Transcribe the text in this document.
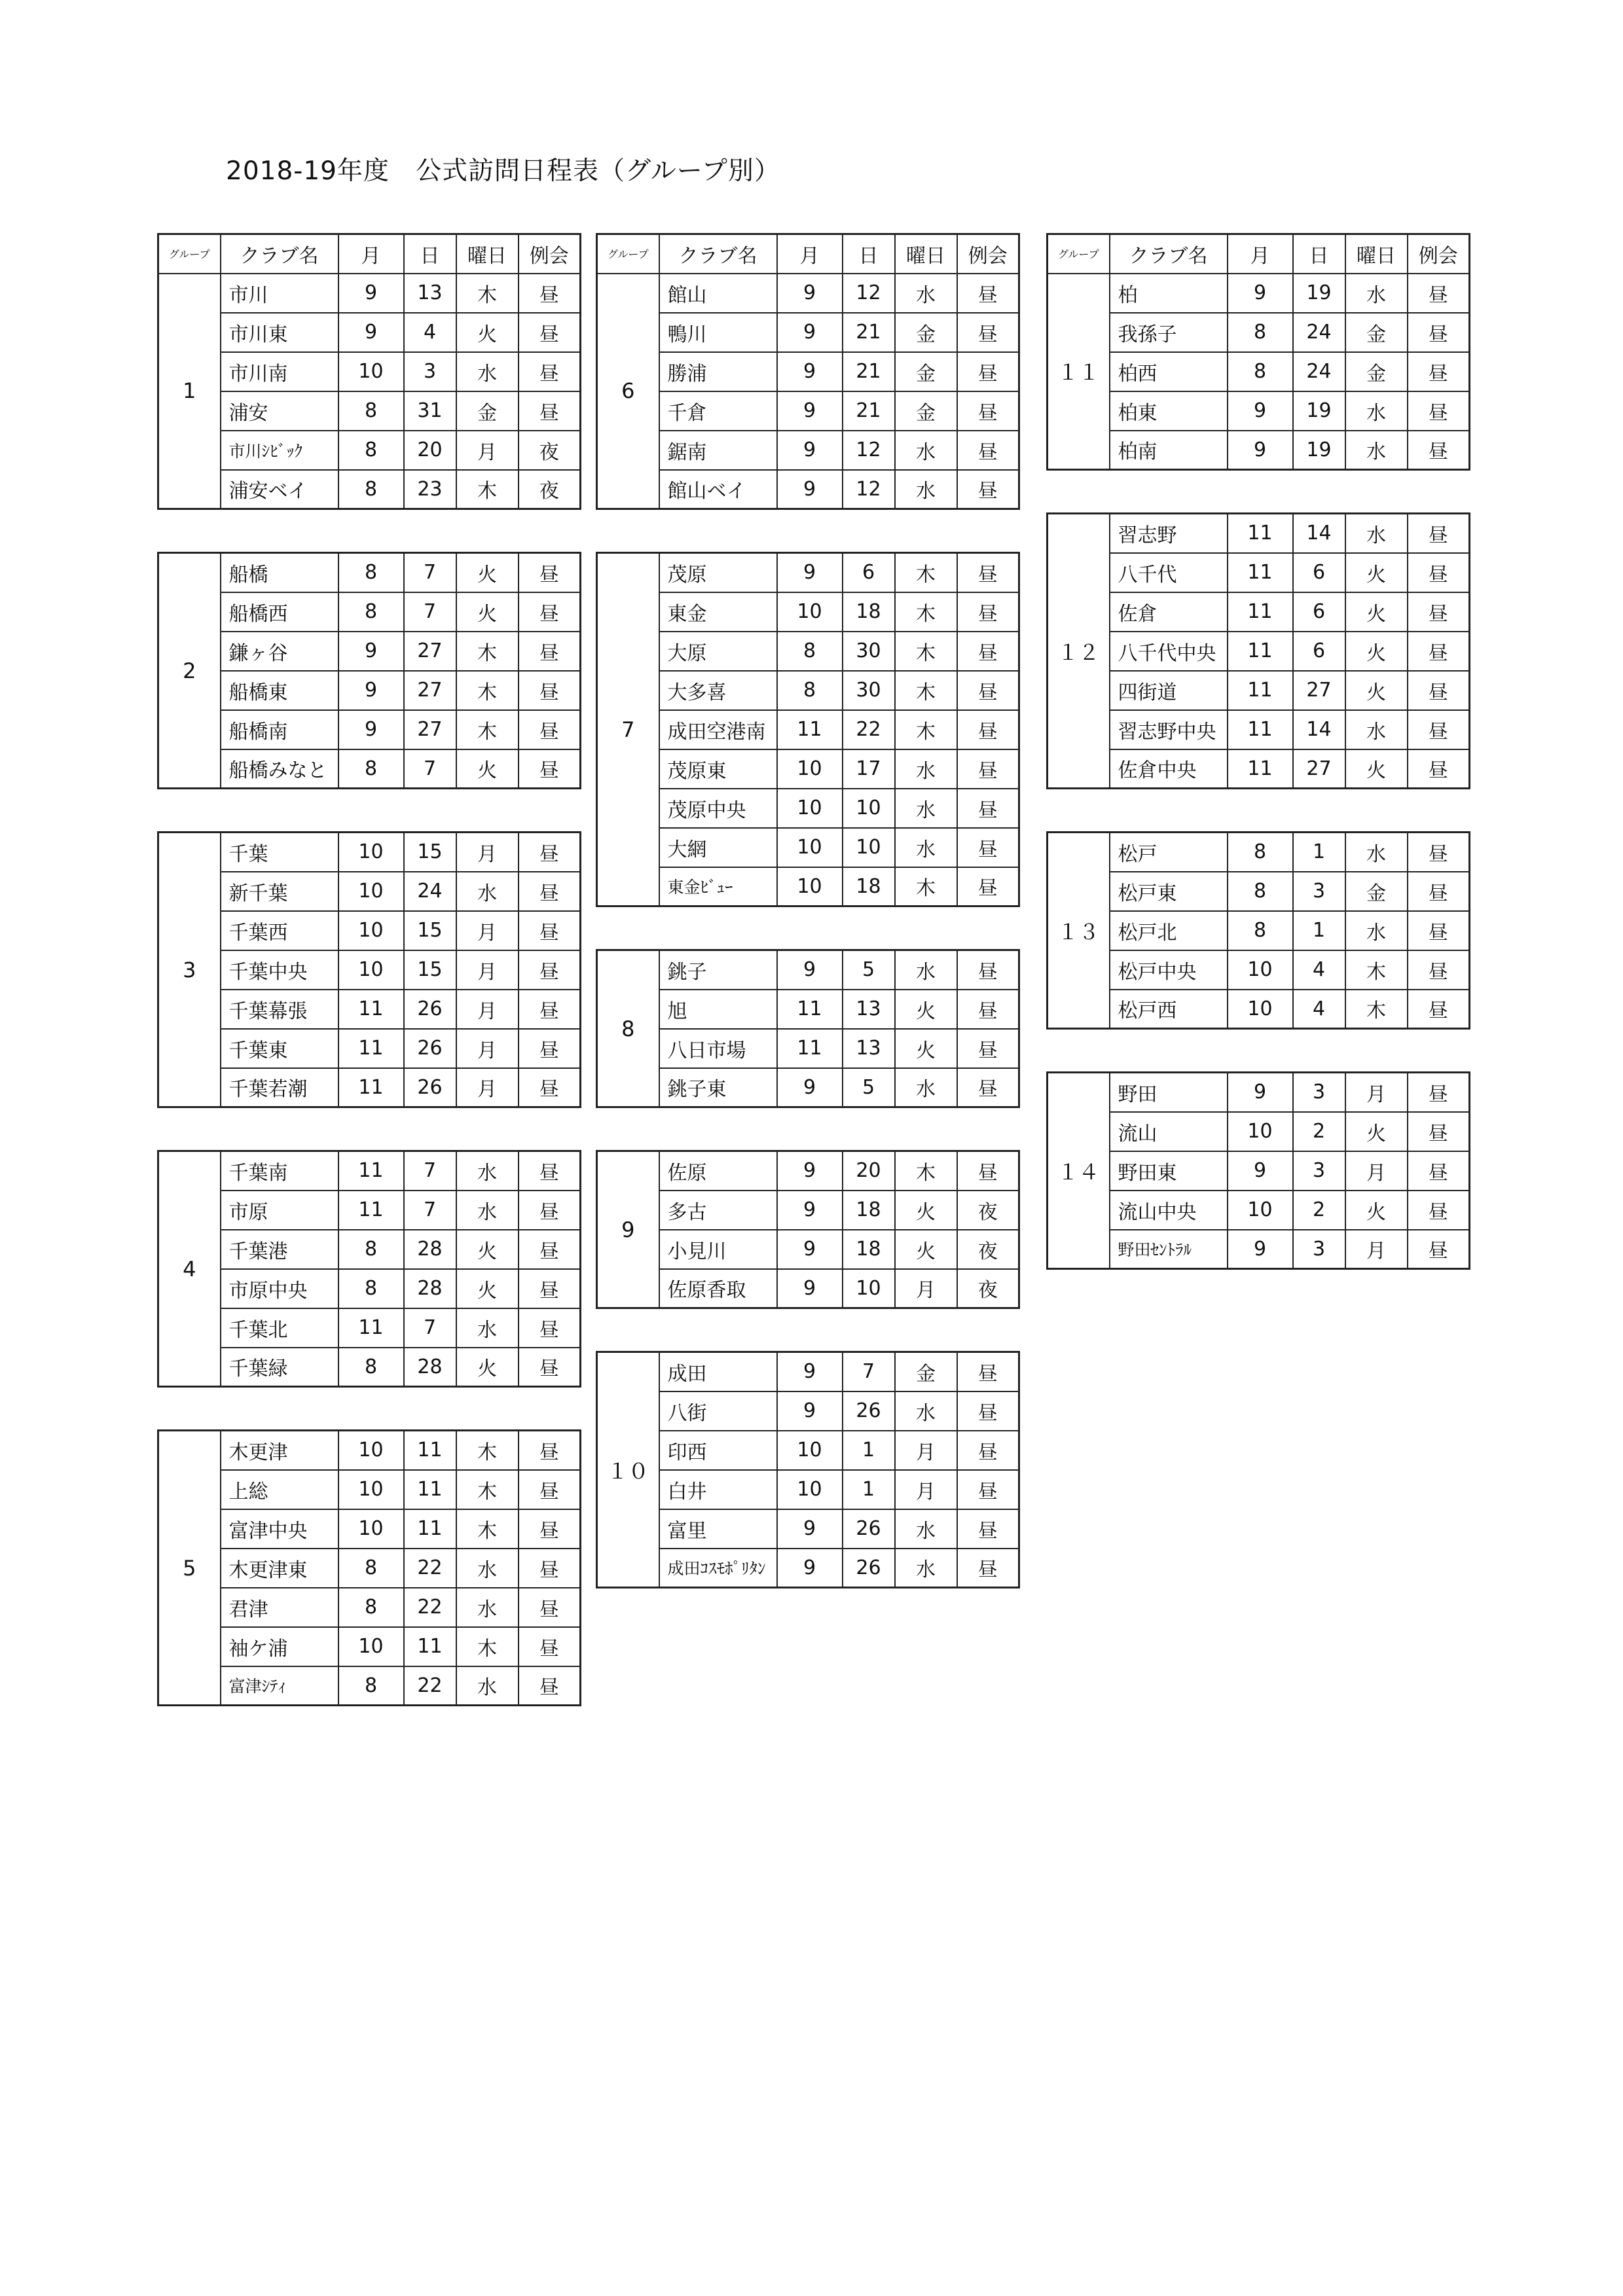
2018-19年度　公式訪問日程表（グループ別）
グループ	クラブ名	月	日	曜日	例会
1	市川	9	13	木	昼
	市川東	9	4	火	昼
	市川南	10	3	水	昼
	浦安	8	31	金	昼
	市川ｼﾋﾞｯｸ	8	20	月	夜
	浦安ベイ	8	23	木	夜
2	船橋	8	7	火	昼
	船橋西	8	7	火	昼
	鎌ヶ谷	9	27	木	昼
	船橋東	9	27	木	昼
	船橋南	9	27	木	昼
	船橋みなと	8	7	火	昼
3	千葉	10	15	月	昼
	新千葉	10	24	水	昼
	千葉西	10	15	月	昼
	千葉中央	10	15	月	昼
	千葉幕張	11	26	月	昼
	千葉東	11	26	月	昼
	千葉若潮	11	26	月	昼
4	千葉南	11	7	水	昼
	市原	11	7	水	昼
	千葉港	8	28	火	昼
	市原中央	8	28	火	昼
	千葉北	11	7	水	昼
	千葉緑	8	28	火	昼
5	木更津	10	11	木	昼
	上総	10	11	木	昼
	富津中央	10	11	木	昼
	木更津東	8	22	水	昼
	君津	8	22	水	昼
	袖ケ浦	10	11	木	昼
	富津ｼﾃｨ	8	22	水	昼
グループ	クラブ名	月	日	曜日	例会
6	館山	9	12	水	昼
	鴨川	9	21	金	昼
	勝浦	9	21	金	昼
	千倉	9	21	金	昼
	鋸南	9	12	水	昼
	館山ベイ	9	12	水	昼
7	茂原	9	6	木	昼
	東金	10	18	木	昼
	大原	8	30	木	昼
	大多喜	8	30	木	昼
	成田空港南	11	22	木	昼
	茂原東	10	17	水	昼
	茂原中央	10	10	水	昼
	大網	10	10	水	昼
	東金ﾋﾞｭｰ	10	18	木	昼
8	銚子	9	5	水	昼
	旭	11	13	火	昼
	八日市場	11	13	火	昼
	銚子東	9	5	水	昼
9	佐原	9	20	木	昼
	多古	9	18	火	夜
	小見川	9	18	火	夜
	佐原香取	9	10	月	夜
１０	成田	9	7	金	昼
	八街	9	26	水	昼
	印西	10	1	月	昼
	白井	10	1	月	昼
	富里	9	26	水	昼
	成田ｺｽﾓﾎﾟﾘﾀﾝ	9	26	水	昼
グループ	クラブ名	月	日	曜日	例会
１１	柏	9	19	水	昼
	我孫子	8	24	金	昼
	柏西	8	24	金	昼
	柏東	9	19	水	昼
	柏南	9	19	水	昼
１２	習志野	11	14	水	昼
	八千代	11	6	火	昼
	佐倉	11	6	火	昼
	八千代中央	11	6	火	昼
	四街道	11	27	火	昼
	習志野中央	11	14	水	昼
	佐倉中央	11	27	火	昼
１３	松戸	8	1	水	昼
	松戸東	8	3	金	昼
	松戸北	8	1	水	昼
	松戸中央	10	4	木	昼
	松戸西	10	4	木	昼
１４	野田	9	3	月	昼
	流山	10	2	火	昼
	野田東	9	3	月	昼
	流山中央	10	2	火	昼
	野田ｾﾝﾄﾗﾙ	9	3	月	昼
